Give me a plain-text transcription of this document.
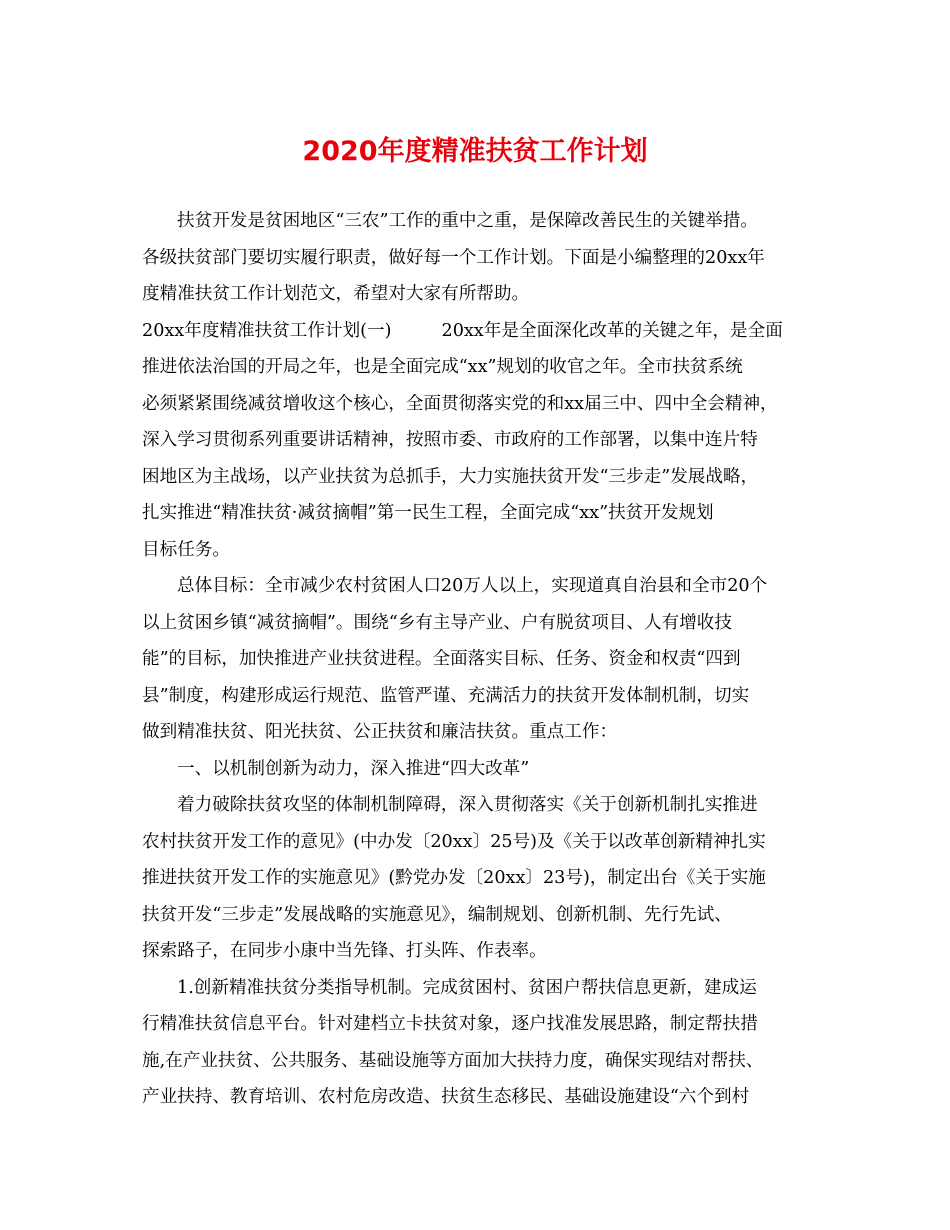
2020年度精准扶贫工作计划
扶贫开发是贫困地区“三农”工作的重中之重，是保障改善民生的关键举措。
各级扶贫部门要切实履行职责，做好每一个工作计划。下面是小编整理的20xx年
度精准扶贫工作计划范文，希望对大家有所帮助。
20xx年度精准扶贫工作计划(一)	20xx年是全面深化改革的关键之年，是全面
推进依法治国的开局之年，也是全面完成“xx”规划的收官之年。全市扶贫系统
必须紧紧围绕减贫增收这个核心，全面贯彻落实党的和xx届三中、四中全会精神，
深入学习贯彻系列重要讲话精神，按照市委、市政府的工作部署，以集中连片特
困地区为主战场，以产业扶贫为总抓手，大力实施扶贫开发“三步走”发展战略，
扎实推进“精准扶贫·减贫摘帽”第一民生工程，全面完成“xx”扶贫开发规划
目标任务。
总体目标：全市减少农村贫困人口20万人以上，实现道真自治县和全市20个
以上贫困乡镇“减贫摘帽”。围绕“乡有主导产业、户有脱贫项目、人有增收技
能”的目标，加快推进产业扶贫进程。全面落实目标、任务、资金和权责“四到
县”制度，构建形成运行规范、监管严谨、充满活力的扶贫开发体制机制，切实
做到精准扶贫、阳光扶贫、公正扶贫和廉洁扶贫。重点工作：
一、以机制创新为动力，深入推进“四大改革”
着力破除扶贫攻坚的体制机制障碍，深入贯彻落实《关于创新机制扎实推进
农村扶贫开发工作的意见》(中办发〔20xx〕25号)及《关于以改革创新精神扎实
推进扶贫开发工作的实施意见》(黔党办发〔20xx〕23号)，制定出台《关于实施
扶贫开发“三步走”发展战略的实施意见》，编制规划、创新机制、先行先试、
探索路子，在同步小康中当先锋、打头阵、作表率。
1.创新精准扶贫分类指导机制。完成贫困村、贫困户帮扶信息更新，建成运
行精准扶贫信息平台。针对建档立卡扶贫对象，逐户找准发展思路，制定帮扶措
施,在产业扶贫、公共服务、基础设施等方面加大扶持力度，确保实现结对帮扶、
产业扶持、教育培训、农村危房改造、扶贫生态移民、基础设施建设“六个到村
